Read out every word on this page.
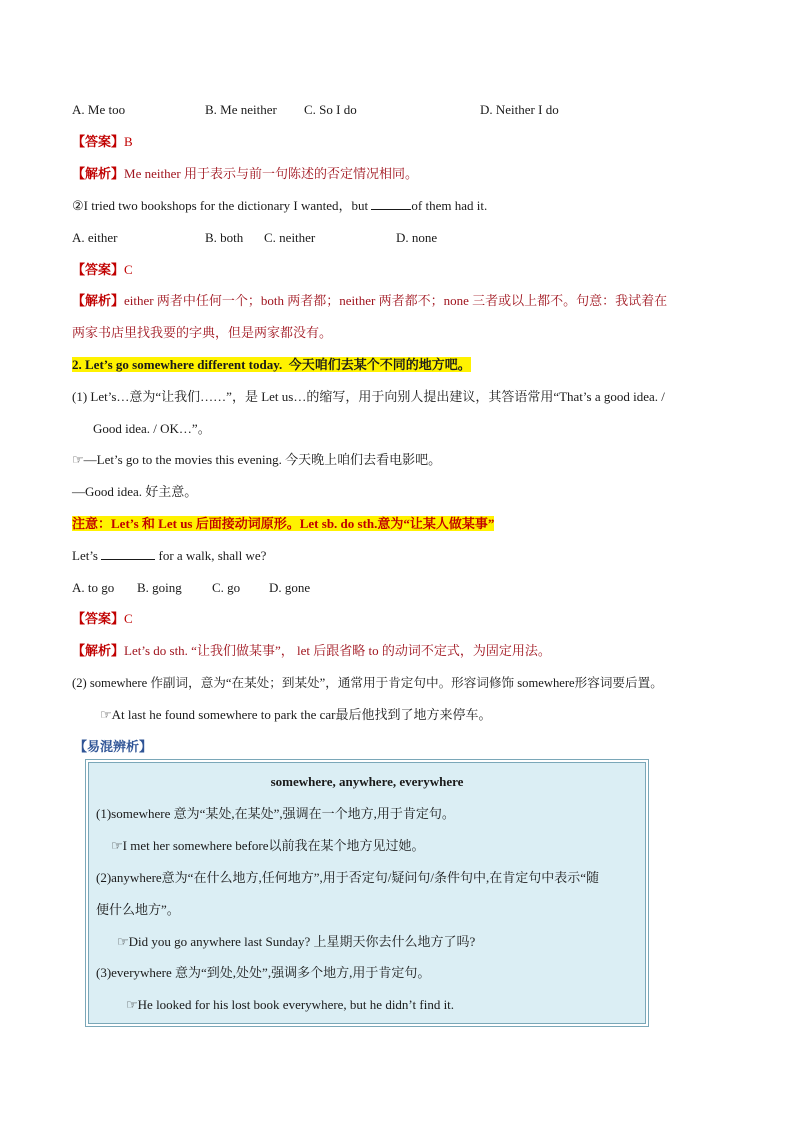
A. Me too	B. Me neither C. So I do	D. Neither I do
【答案】B
【解析】Me neither 用于表示与前一句陈述的否定情况相同。
②I tried two bookshops for the dictionary I wanted，but	of them had it.
A. either	B. both C. neither	D. none
【答案】C
【解析】either 两者中任何一个；both 两者都；neither 两者都不；none 三者或以上都不。句意：我试着在
两家书店里找我要的字典，但是两家都没有。
2. Let’s go somewhere different today. 今天咱们去某个不同的地方吧。
(1) Let’s…意为“让我们……”，是 Let us…的缩写，用于向别人提出建议，其答语常用“That’s a good idea. /
Good idea. / OK…”。
☞—Let’s go to the movies this evening. 今天晚上咱们去看电影吧。
—Good idea. 好主意。
注意：Let’s 和 Let us 后面接动词原形。Let sb. do sth.意为“让某人做某事”
Let’s	for a walk, shall we?
A. to go B. going C. go D. gone
【答案】C
【解析】Let’s do sth. “让我们做某事”， let 后跟省略 to 的动词不定式，为固定用法。
(2) somewhere 作副词，意为“在某处；到某处”，通常用于肯定句中。形容词修饰 somewhere形容词要后置。
☞At last he found somewhere to park the car最后他找到了地方来停车。
【易混辨析】
somewhere, anywhere, everywhere
(1)somewhere 意为“某处,在某处”,强调在一个地方,用于肯定句。
☞I met her somewhere before以前我在某个地方见过她。
(2)anywhere意为“在什么地方,任何地方”,用于否定句/疑问句/条件句中,在肯定句中表示“随
便什么地方”。
☞Did you go anywhere last Sunday? 上星期天你去什么地方了吗?
(3)everywhere 意为“到处,处处”,强调多个地方,用于肯定句。
☞He looked for his lost book everywhere, but he didn’t find it.
